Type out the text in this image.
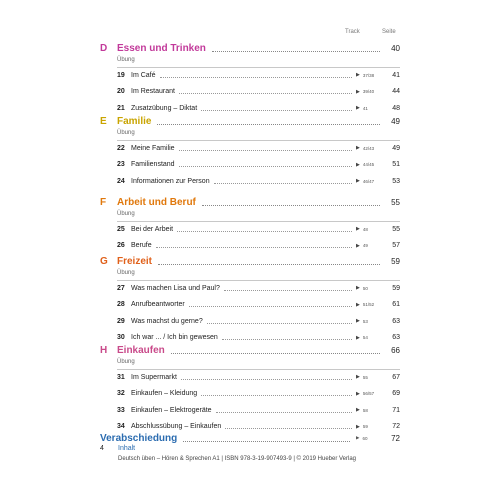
Track	Seite
D Essen und Trinken	40
Übung
19 Im Café	▶ 37/38	41
20 Im Restaurant	▶ 39/40	44
21 Zusatzübung – Diktat	▶ 41	48
E	Familie	49
Übung
22 Meine Familie	▶ 42/43	49
23 Familienstand	▶ 44/45	51
24 Informationen zur Person	▶ 46/47	53
F	Arbeit und Beruf	55
Übung
25 Bei der Arbeit	▶ 48	55
26 Berufe	▶ 49	57
G Freizeit	59
Übung
27 Was machen Lisa und Paul?	▶ 50	59
28 Anrufbeantworter	▶ 51/52	61
29 Was machst du gerne?	▶ 53	63
30 Ich war ... / Ich bin gewesen	▶ 54	63
H Einkaufen	66
Übung
31 Im Supermarkt	▶ 55	67
32 Einkaufen – Kleidung	▶ 56/57	69
33 Einkaufen – Elektrogeräte	▶ 58	71
34 Abschlussübung – Einkaufen	▶ 59	72
Verabschiedung	▶ 60	72
4 Inhalt
Deutsch üben – Hören & Sprechen A1 | ISBN 978-3-19-907493-9 | © 2019 Hueber Verlag
